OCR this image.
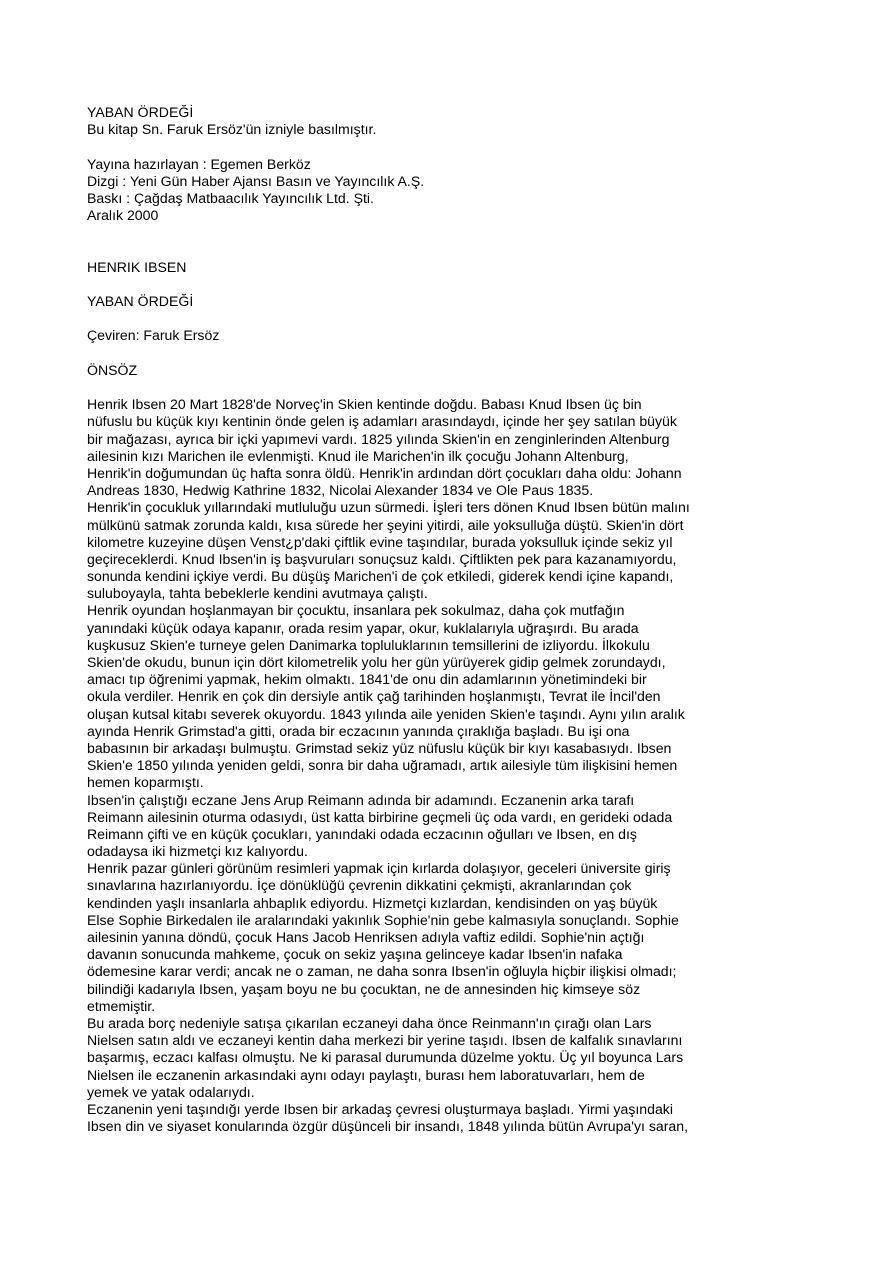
YABAN ÖRDEĞİ
Bu kitap Sn. Faruk Ersöz'ün izniyle basılmıştır.
Yayına hazırlayan : Egemen Berköz
Dizgi : Yeni Gün Haber Ajansı Basın ve Yayıncılık A.Ş.
Baskı : Çağdaş Matbaacılık Yayıncılık Ltd. Şti.
Aralık 2000
HENRIK IBSEN
YABAN ÖRDEĞİ
Çeviren: Faruk Ersöz
ÖNSÖZ
Henrik Ibsen 20 Mart 1828'de Norveç'in Skien kentinde doğdu. Babası Knud Ibsen üç bin
nüfuslu bu küçük kıyı kentinin önde gelen iş adamları arasındaydı, içinde her şey satılan büyük
bir mağazası, ayrıca bir içki yapımevi vardı. 1825 yılında Skien'in en zenginlerinden Altenburg
ailesinin kızı Marichen ile evlenmişti. Knud ile Marichen'in ilk çocuğu Johann Altenburg,
Henrik'in doğumundan üç hafta sonra öldü. Henrik'in ardından dört çocukları daha oldu: Johann
Andreas 1830, Hedwig Kathrine 1832, Nicolai Alexander 1834 ve Ole Paus 1835.
Henrik'in çocukluk yıllarındaki mutluluğu uzun sürmedi. İşleri ters dönen Knud Ibsen bütün malını
mülkünü satmak zorunda kaldı, kısa sürede her şeyini yitirdi, aile yoksulluğa düştü. Skien'in dört
kilometre kuzeyine düşen Venst¿p'daki çiftlik evine taşındılar, burada yoksulluk içinde sekiz yıl
geçireceklerdi. Knud Ibsen'in iş başvuruları sonuçsuz kaldı. Çiftlikten pek para kazanamıyordu,
sonunda kendini içkiye verdi. Bu düşüş Marichen'i de çok etkiledi, giderek kendi içine kapandı,
suluboyayla, tahta bebeklerle kendini avutmaya çalıştı.
Henrik oyundan hoşlanmayan bir çocuktu, insanlara pek sokulmaz, daha çok mutfağın
yanındaki küçük odaya kapanır, orada resim yapar, okur, kuklalarıyla uğraşırdı. Bu arada
kuşkusuz Skien'e turneye gelen Danimarka topluluklarının temsillerini de izliyordu. İlkokulu
Skien'de okudu, bunun için dört kilometrelik yolu her gün yürüyerek gidip gelmek zorundaydı,
amacı tıp öğrenimi yapmak, hekim olmaktı. 1841'de onu din adamlarının yönetimindeki bir
okula verdiler. Henrik en çok din dersiyle antik çağ tarihinden hoşlanmıştı, Tevrat ile İncil'den
oluşan kutsal kitabı severek okuyordu. 1843 yılında aile yeniden Skien'e taşındı. Aynı yılın aralık
ayında Henrik Grimstad'a gitti, orada bir eczacının yanında çıraklığa başladı. Bu işi ona
babasının bir arkadaşı bulmuştu. Grimstad sekiz yüz nüfuslu küçük bir kıyı kasabasıydı. Ibsen
Skien'e 1850 yılında yeniden geldi, sonra bir daha uğramadı, artık ailesiyle tüm ilişkisini hemen
hemen koparmıştı.
Ibsen'in çalıştığı eczane Jens Arup Reimann adında bir adamındı. Eczanenin arka tarafı
Reimann ailesinin oturma odasıydı, üst katta birbirine geçmeli üç oda vardı, en gerideki odada
Reimann çifti ve en küçük çocukları, yanındaki odada eczacının oğulları ve Ibsen, en dış
odadaysa iki hizmetçi kız kalıyordu.
Henrik pazar günleri görünüm resimleri yapmak için kırlarda dolaşıyor, geceleri üniversite giriş
sınavlarına hazırlanıyordu. İçe dönüklüğü çevrenin dikkatini çekmişti, akranlarından çok
kendinden yaşlı insanlarla ahbaplık ediyordu. Hizmetçi kızlardan, kendisinden on yaş büyük
Else Sophie Birkedalen ile aralarındaki yakınlık Sophie'nin gebe kalmasıyla sonuçlandı. Sophie
ailesinin yanına döndü, çocuk Hans Jacob Henriksen adıyla vaftiz edildi. Sophie'nin açtığı
davanın sonucunda mahkeme, çocuk on sekiz yaşına gelinceye kadar Ibsen'in nafaka
ödemesine karar verdi; ancak ne o zaman, ne daha sonra Ibsen'in oğluyla hiçbir ilişkisi olmadı;
bilindiği kadarıyla Ibsen, yaşam boyu ne bu çocuktan, ne de annesinden hiç kimseye söz
etmemiştir.
Bu arada borç nedeniyle satışa çıkarılan eczaneyi daha önce Reinmann'ın çırağı olan Lars
Nielsen satın aldı ve eczaneyi kentin daha merkezi bir yerine taşıdı. Ibsen de kalfalık sınavlarını
başarmış, eczacı kalfası olmuştu. Ne ki parasal durumunda düzelme yoktu. Üç yıl boyunca Lars
Nielsen ile eczanenin arkasındaki aynı odayı paylaştı, burası hem laboratuvarları, hem de
yemek ve yatak odalarıydı.
Eczanenin yeni taşındığı yerde Ibsen bir arkadaş çevresi oluşturmaya başladı. Yirmi yaşındaki
Ibsen din ve siyaset konularında özgür düşünceli bir insandı, 1848 yılında bütün Avrupa'yı saran,
